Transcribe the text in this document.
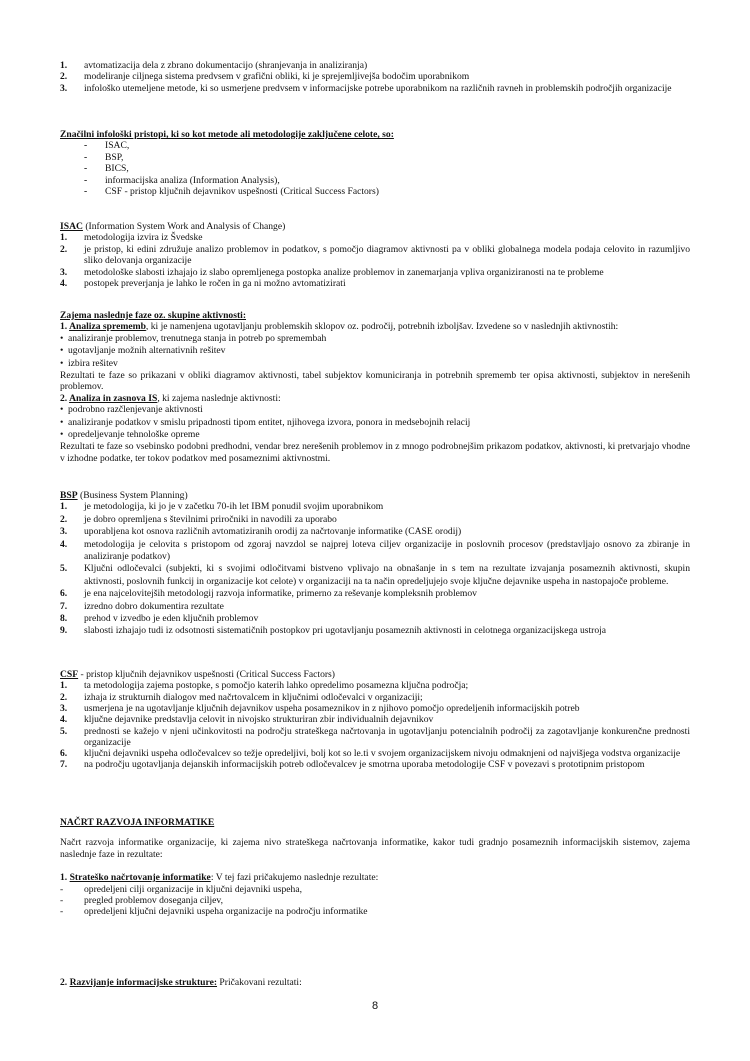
1. avtomatizacija dela z zbrano dokumentacijo (shranjevanja in analiziranja)
2. modeliranje ciljnega sistema predvsem v grafični obliki, ki je sprejemljivejša bodočim uporabnikom
3. infološko utemeljene metode, ki so usmerjene predvsem v informacijske potrebe uporabnikom na različnih ravneh in problemskih področjih organizacije
Značilni infološki pristopi, ki so kot metode ali metodologije zaključene celote, so:
- ISAC,
- BSP,
- BICS,
- informacijska analiza (Information Analysis),
- CSF - pristop ključnih dejavnikov uspešnosti (Critical Success Factors)
ISAC (Information System Work and Analysis of Change)
1. metodologija izvira iz Švedske
2. je pristop, ki edini združuje analizo problemov in podatkov, s pomočjo diagramov aktivnosti pa v obliki globalnega modela podaja celovito in razumljivo sliko delovanja organizacije
3. metodološke slabosti izhajajo iz slabo opremljenega postopka analize problemov in zanemarjanja vpliva organiziranosti na te probleme
4. postopek preverjanja je lahko le ročen in ga ni možno avtomatizirati
Zajema naslednje faze oz. skupine aktivnosti:
1. Analiza sprememb, ki je namenjena ugotavljanju problemskih sklopov oz. področij, potrebnih izboljšav. Izvedene so v naslednjih aktivnostih:
• analiziranje problemov, trenutnega stanja in potreb po spremembah
• ugotavljanje možnih alternativnih rešitev
• izbira rešitev
Rezultati te faze so prikazani v obliki diagramov aktivnosti, tabel subjektov komuniciranja in potrebnih sprememb ter opisa aktivnosti, subjektov in nerešenih problemov.
2. Analiza in zasnova IS, ki zajema naslednje aktivnosti:
• podrobno razčlenjevanje aktivnosti
• analiziranje podatkov v smislu pripadnosti tipom entitet, njihovega izvora, ponora in medsebojnih relacij
• opredeljevanje tehnološke opreme
Rezultati te faze so vsebinsko podobni predhodni, vendar brez nerešenih problemov in z mnogo podrobnejšim prikazom podatkov, aktivnosti, ki pretvarjajo vhodne v izhodne podatke, ter tokov podatkov med posameznimi aktivnostmi.
BSP (Business System Planning)
1. je metodologija, ki jo je v začetku 70-ih let IBM ponudil svojim uporabnikom
2. je dobro opremljena s številnimi priročniki in navodili za uporabo
3. uporabljena kot osnova različnih avtomatiziranih orodij za načrtovanje informatike (CASE orodij)
4. metodologija je celovita s pristopom od zgoraj navzdol se najprej loteva ciljev organizacije in poslovnih procesov (predstavljajo osnovo za zbiranje in analiziranje podatkov)
5. Ključni odločevalci (subjekti, ki s svojimi odločitvami bistveno vplivajo na obnašanje in s tem na rezultate izvajanja posameznih aktivnosti, skupin aktivnosti, poslovnih funkcij in organizacije kot celote) v organizaciji na ta način opredeljujejo svoje ključne dejavnike uspeha in nastopajoče probleme.
6. je ena najcelovitejših metodologij razvoja informatike, primerno za reševanje kompleksnih problemov
7. izredno dobro dokumentira rezultate
8. prehod v izvedbo je eden ključnih problemov
9. slabosti izhajajo tudi iz odsotnosti sistematičnih postopkov pri ugotavljanju posameznih aktivnosti in celotnega organizacijskega ustroja
CSF - pristop ključnih dejavnikov uspešnosti (Critical Success Factors)
1. ta metodologija zajema postopke, s pomočjo katerih lahko opredelimo posamezna ključna področja;
2. izhaja iz strukturnih dialogov med načrtovalcem in ključnimi odločevalci v organizaciji;
3. usmerjena je na ugotavljanje ključnih dejavnikov uspeha posameznikov in z njihovo pomočjo opredeljenih informacijskih potreb
4. ključne dejavnike predstavlja celovit in nivojsko strukturiran zbir individualnih dejavnikov
5. prednosti se kažejo v njeni učinkovitosti na področju strateškega načrtovanja in ugotavljanju potencialnih področij za zagotavljanje konkurenčne prednosti organizacije
6. ključni dejavniki uspeha odločevalcev so težje opredeljivi, bolj kot so le.ti v svojem organizacijskem nivoju odmaknjeni od najvišjega vodstva organizacije
7. na področju ugotavljanja dejanskih informacijskih potreb odločevalcev je smotrna uporaba metodologije CSF v povezavi s prototipnim pristopom
NAČRT RAZVOJA INFORMATIKE
Načrt razvoja informatike organizacije, ki zajema nivo strateškega načrtovanja informatike, kakor tudi gradnjo posameznih informacijskih sistemov, zajema naslednje faze in rezultate:
1. Strateško načrtovanje informatike: V tej fazi pričakujemo naslednje rezultate:
- opredeljeni cilji organizacije in ključni dejavniki uspeha,
- pregled problemov doseganja ciljev,
- opredeljeni ključni dejavniki uspeha organizacije na področju informatike
2. Razvijanje informacijske strukture: Pričakovani rezultati:
8
